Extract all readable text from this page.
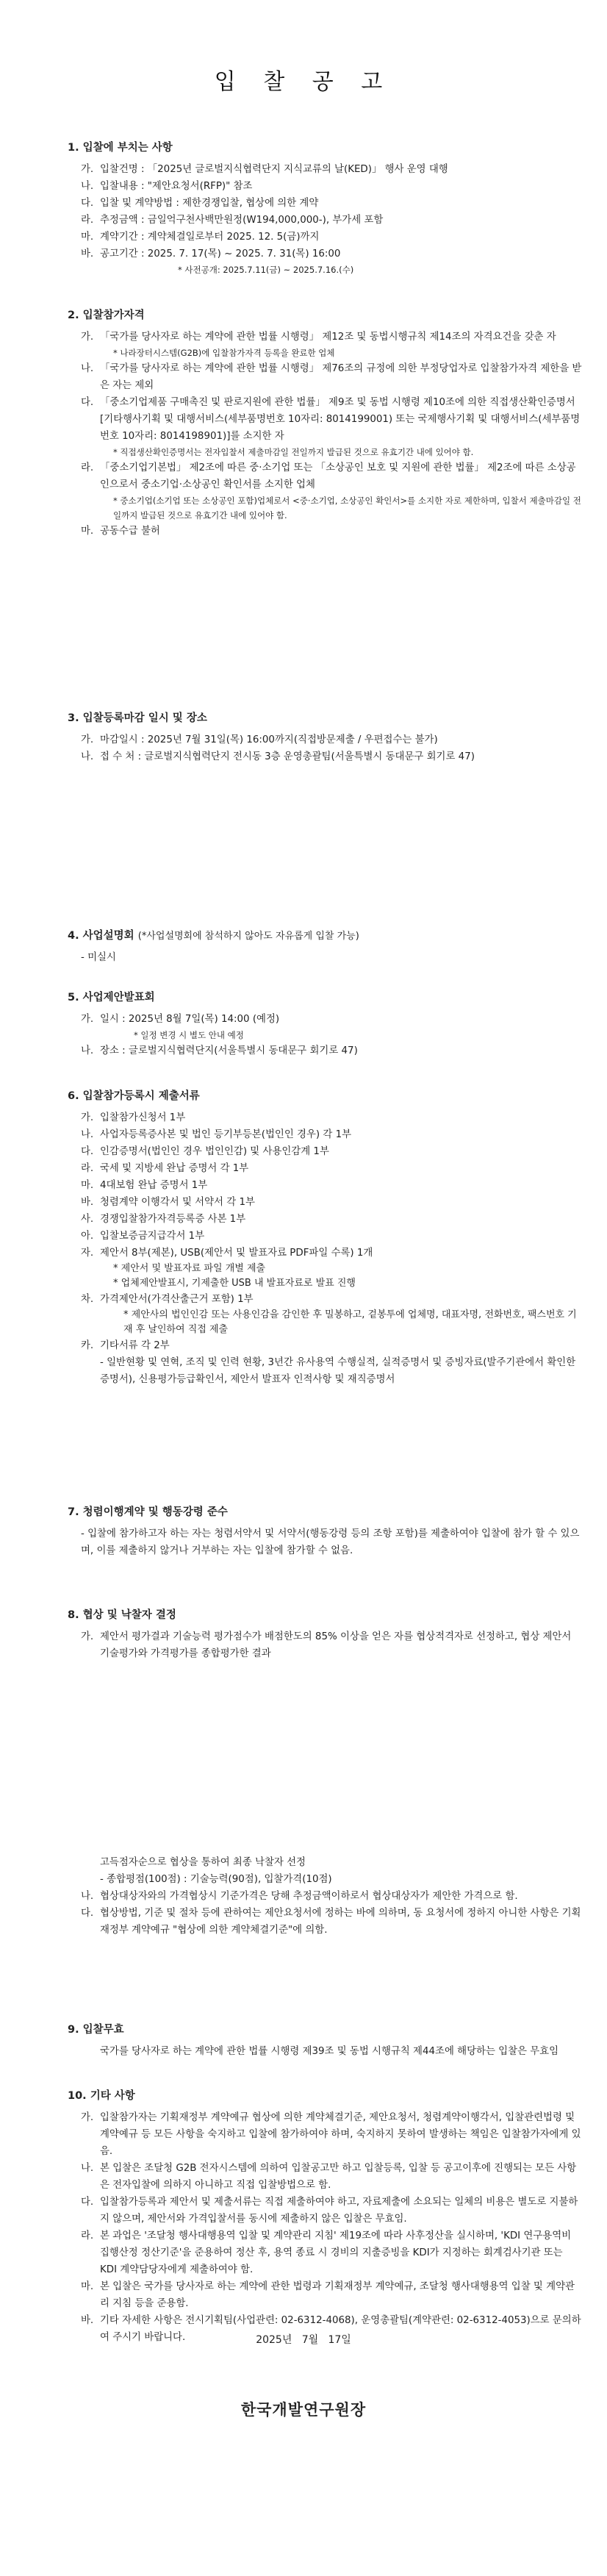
입 찰 공 고
1. 입찰에 부치는 사항
가. 입찰건명 : 「2025년 글로벌지식협력단지 지식교류의 날(KED)」 행사 운영 대행
나. 입찰내용 : "제안요청서(RFP)" 참조
다. 입찰 및 계약방법 : 제한경쟁입찰, 협상에 의한 계약
라. 추정금액 : 금일억구천사백만원정(W194,000,000-), 부가세 포함
마. 계약기간 : 계약체결일로부터 2025. 12. 5(금)까지
바. 공고기간 : 2025. 7. 17(목) ~ 2025. 7. 31(목) 16:00
* 사전공개: 2025.7.11(금) ~ 2025.7.16.(수)
2. 입찰참가자격
가. 「국가를 당사자로 하는 계약에 관한 법률 시행령」 제12조 및 동법시행규칙 제14조의 자격요건을 갖춘 자
* 나라장터시스템(G2B)에 입찰참가자격 등록을 완료한 업체
나. 「국가를 당사자로 하는 계약에 관한 법률 시행령」 제76조의 규정에 의한 부정당업자로 입찰참가자격 제한을 받은 자는 제외
다. 「중소기업제품 구매촉진 및 판로지원에 관한 법률」 제9조 및 동법 시행령 제10조에 의한 직접생산확인증명서[기타행사기획 및 대행서비스(세부품명번호 10자리: 8014199001) 또는 국제행사기획 및 대행서비스(세부품명번호 10자리: 8014198901)]를 소지한 자
* 직접생산확인증명서는 전자입찰서 제출마감일 전일까지 발급된 것으로 유효기간 내에 있어야 함.
라. 「중소기업기본법」 제2조에 따른 중·소기업 또는 「소상공인 보호 및 지원에 관한 법률」 제2조에 따른 소상공인으로서 중소기업·소상공인 확인서를 소지한 업체
* 중소기업(소기업 또는 소상공인 포함)업체로서 <중·소기업, 소상공인 확인서>를 소지한 자로 제한하며, 입찰서 제출마감일 전일까지 발급된 것으로 유효기간 내에 있어야 함.
마. 공동수급 불허
3. 입찰등록마감 일시 및 장소
가. 마감일시 : 2025년 7월 31일(목) 16:00까지(직접방문제출 / 우편접수는 불가)
나. 접 수 처 : 글로벌지식협력단지 전시동 3층 운영총괄팀(서울특별시 동대문구 회기로 47)
4. 사업설명회 (*사업설명회에 참석하지 않아도 자유롭게 입찰 가능)
- 미실시
5. 사업제안발표회
가. 일시 : 2025년 8월 7일(목) 14:00 (예정)
* 일정 변경 시 별도 안내 예정
나. 장소 : 글로벌지식협력단지(서울특별시 동대문구 회기로 47)
6. 입찰참가등록시 제출서류
가. 입찰참가신청서 1부
나. 사업자등록증사본 및 법인 등기부등본(법인인 경우) 각 1부
다. 인감증명서(법인인 경우 법인인감) 및 사용인감계 1부
라. 국세 및 지방세 완납 증명서 각 1부
마. 4대보험 완납 증명서 1부
바. 청렴계약 이행각서 및 서약서 각 1부
사. 경쟁입찰참가자격등록증 사본 1부
아. 입찰보증금지급각서 1부
자. 제안서 8부(제본), USB(제안서 및 발표자료 PDF파일 수록) 1개
* 제안서 및 발표자료 파일 개별 제출
* 업체제안발표시, 기제출한 USB 내 발표자료로 발표 진행
차. 가격제안서(가격산출근거 포함) 1부
* 제안사의 법인인감 또는 사용인감을 감인한 후 밀봉하고, 겉봉투에 업체명, 대표자명, 전화번호, 팩스번호 기재 후 날인하여 직접 제출
카. 기타서류 각 2부
- 일반현황 및 연혁, 조직 및 인력 현황, 3년간 유사용역 수행실적, 실적증명서 및 증빙자료(발주기관에서 확인한 증명서), 신용평가등급확인서, 제안서 발표자 인적사항 및 재직증명서
7. 청렴이행계약 및 행동강령 준수
- 입찰에 참가하고자 하는 자는 청렴서약서 및 서약서(행동강령 등의 조항 포함)를 제출하여야 입찰에 참가 할 수 있으며, 이를 제출하지 않거나 거부하는 자는 입찰에 참가할 수 없음.
8. 협상 및 낙찰자 결정
가. 제안서 평가결과 기술능력 평가점수가 배점한도의 85% 이상을 얻은 자를 협상적격자로 선정하고, 협상 제안서 기술평가와 가격평가를 종합평가한 결과
고득점자순으로 협상을 통하여 최종 낙찰자 선정
- 종합평점(100점) : 기술능력(90점), 입찰가격(10점)
나. 협상대상자와의 가격협상시 기준가격은 당해 추정금액이하로서 협상대상자가 제안한 가격으로 함.
다. 협상방법, 기준 및 절차 등에 관하여는 제안요청서에 정하는 바에 의하며, 동 요청서에 정하지 아니한 사항은 기획재정부 계약예규 "협상에 의한 계약체결기준"에 의함.
9. 입찰무효
국가를 당사자로 하는 계약에 관한 법률 시행령 제39조 및 동법 시행규칙 제44조에 해당하는 입찰은 무효임
10. 기타 사항
가. 입찰참가자는 기획재정부 계약예규 협상에 의한 계약체결기준, 제안요청서, 청렴계약이행각서, 입찰관련법령 및 계약예규 등 모든 사항을 숙지하고 입찰에 참가하여야 하며, 숙지하지 못하여 발생하는 책임은 입찰참가자에게 있음.
나. 본 입찰은 조달청 G2B 전자시스템에 의하여 입찰공고만 하고 입찰등록, 입찰 등 공고이후에 진행되는 모든 사항은 전자입찰에 의하지 아니하고 직접 입찰방법으로 함.
다. 입찰참가등록과 제안서 및 제출서류는 직접 제출하여야 하고, 자료제출에 소요되는 일체의 비용은 별도로 지불하지 않으며, 제안서와 가격입찰서를 동시에 제출하지 않은 입찰은 무효임.
라. 본 과업은 '조달청 행사대행용역 입찰 및 계약관리 지침' 제19조에 따라 사후정산을 실시하며, 'KDI 연구용역비 집행산정 정산기준'을 준용하여 정산 후, 용역 종료 시 경비의 지출증빙을 KDI가 지정하는 회계검사기관 또는 KDI 계약담당자에게 제출하여야 함.
마. 본 입찰은 국가를 당사자로 하는 계약에 관한 법령과 기획재정부 계약예규, 조달청 행사대행용역 입찰 및 계약관리 지침 등을 준용함.
바. 기타 자세한 사항은 전시기획팀(사업관련: 02-6312-4068), 운영총괄팀(계약관련: 02-6312-4053)으로 문의하여 주시기 바랍니다.	2025년   7월   17일
한국개발연구원장
